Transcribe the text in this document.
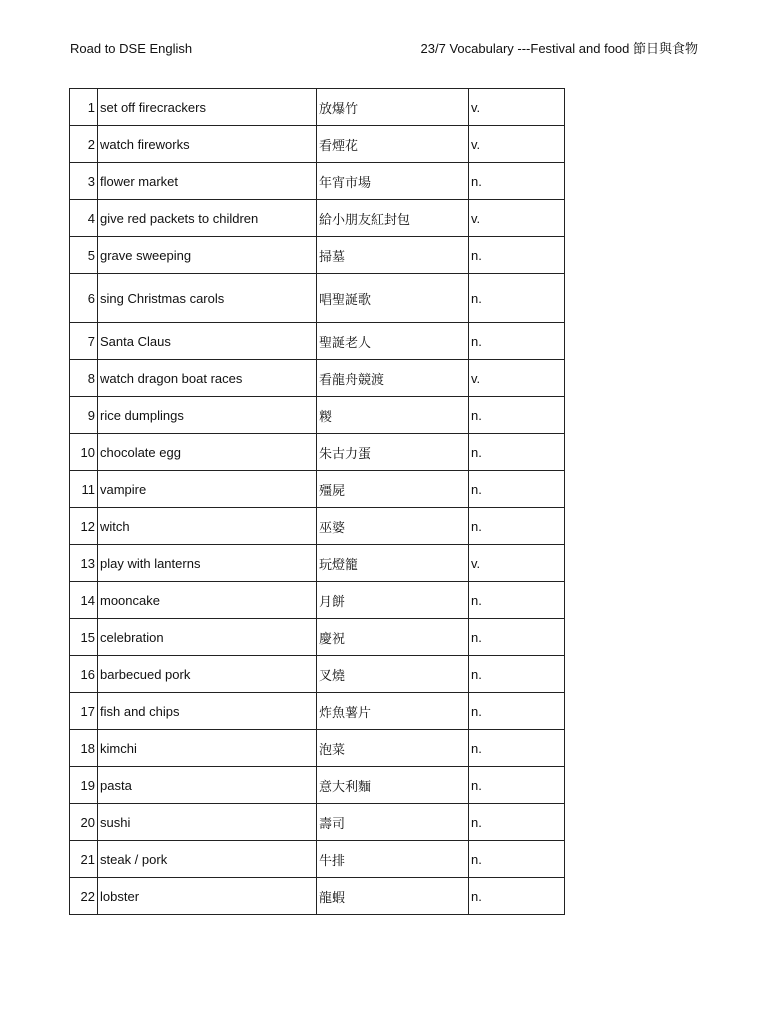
Road to DSE English	23/7 Vocabulary ---Festival and food 節日與食物
1	set off firecrackers	放爆竹	v.
2	watch fireworks	看煙花	v.
3	flower market	年宵市場	n.
4	give red packets to children	給小朋友紅封包	v.
5	grave sweeping	掃墓	n.
6	sing Christmas carols	唱聖誕歌	n.
7	Santa Claus	聖誕老人	n.
8	watch dragon boat races	看龍舟競渡	v.
9	rice dumplings	糉	n.
10	chocolate egg	朱古力蛋	n.
11	vampire	殭屍	n.
12	witch	巫婆	n.
13	play with lanterns	玩燈籠	v.
14	mooncake	月餅	n.
15	celebration	慶祝	n.
16	barbecued pork	叉燒	n.
17	fish and chips	炸魚薯片	n.
18	kimchi	泡菜	n.
19	pasta	意大利麵	n.
20	sushi	壽司	n.
21	steak / pork	牛排	n.
22	lobster	龍蝦	n.
